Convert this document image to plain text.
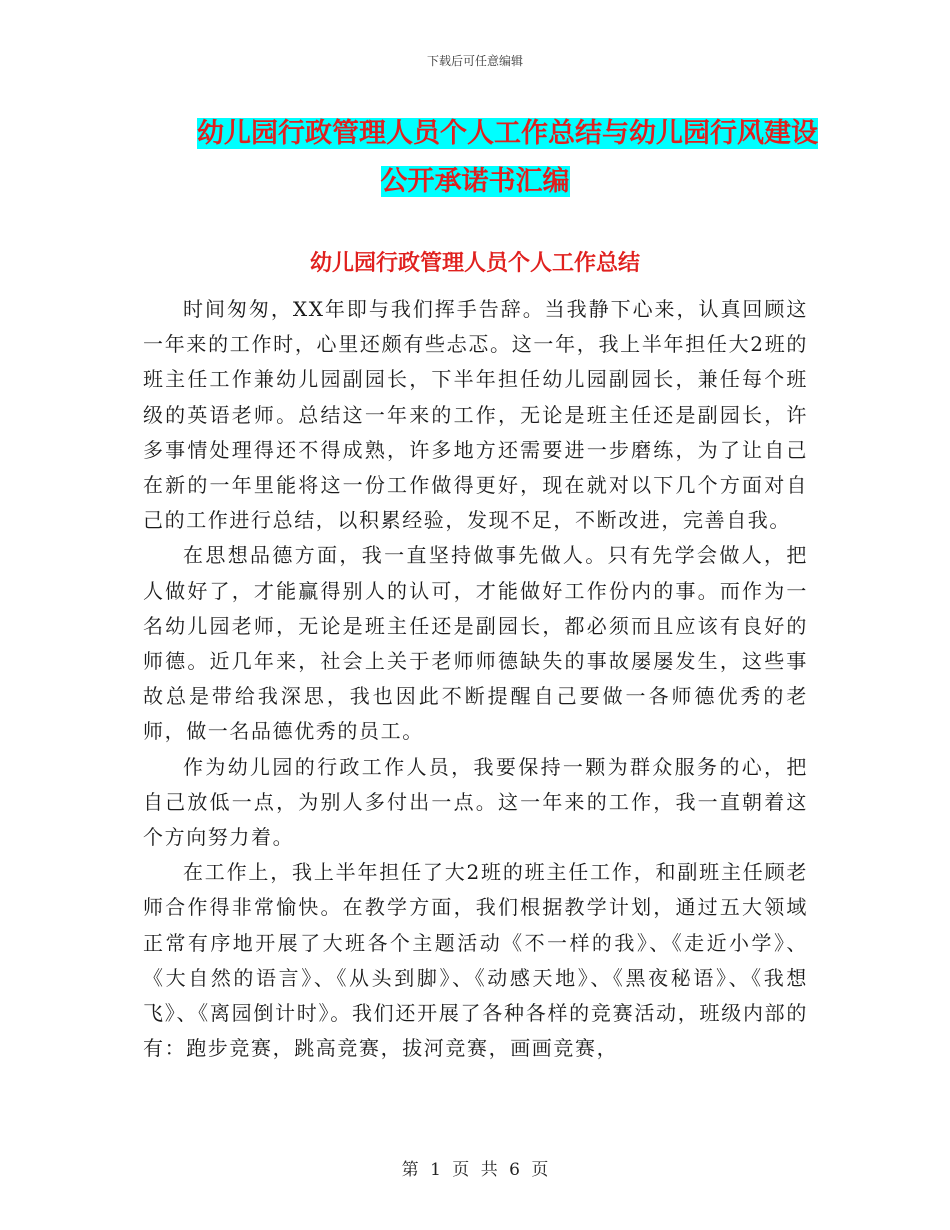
下载后可任意编辑
幼儿园行政管理人员个人工作总结与幼儿园行风建设
公开承诺书汇编
幼儿园行政管理人员个人工作总结

时间匆匆，XX年即与我们挥手告辞。当我静下心来，认真回顾这一年来的工作时，心里还颇有些忐忑。这一年，我上半年担任大2班的班主任工作兼幼儿园副园长，下半年担任幼儿园副园长，兼任每个班级的英语老师。总结这一年来的工作，无论是班主任还是副园长，许多事情处理得还不得成熟，许多地方还需要进一步磨练，为了让自己在新的一年里能将这一份工作做得更好，现在就对以下几个方面对自己的工作进行总结，以积累经验，发现不足，不断改进，完善自我。

在思想品德方面，我一直坚持做事先做人。只有先学会做人，把人做好了，才能赢得别人的认可，才能做好工作份内的事。而作为一名幼儿园老师，无论是班主任还是副园长，都必须而且应该有良好的师德。近几年来，社会上关于老师师德缺失的事故屡屡发生，这些事故总是带给我深思，我也因此不断提醒自己要做一各师德优秀的老师，做一名品德优秀的员工。

作为幼儿园的行政工作人员，我要保持一颗为群众服务的心，把自己放低一点，为别人多付出一点。这一年来的工作，我一直朝着这个方向努力着。

在工作上，我上半年担任了大2班的班主任工作，和副班主任顾老师合作得非常愉快。在教学方面，我们根据教学计划，通过五大领域正常有序地开展了大班各个主题活动《不一样的我》、《走近小学》、《大自然的语言》、《从头到脚》、《动感天地》、《黑夜秘语》、《我想飞》、《离园倒计时》。我们还开展了各种各样的竞赛活动，班级内部的有：跑步竞赛，跳高竞赛，拔河竞赛，画画竞赛，

第 1 页 共 6 页
